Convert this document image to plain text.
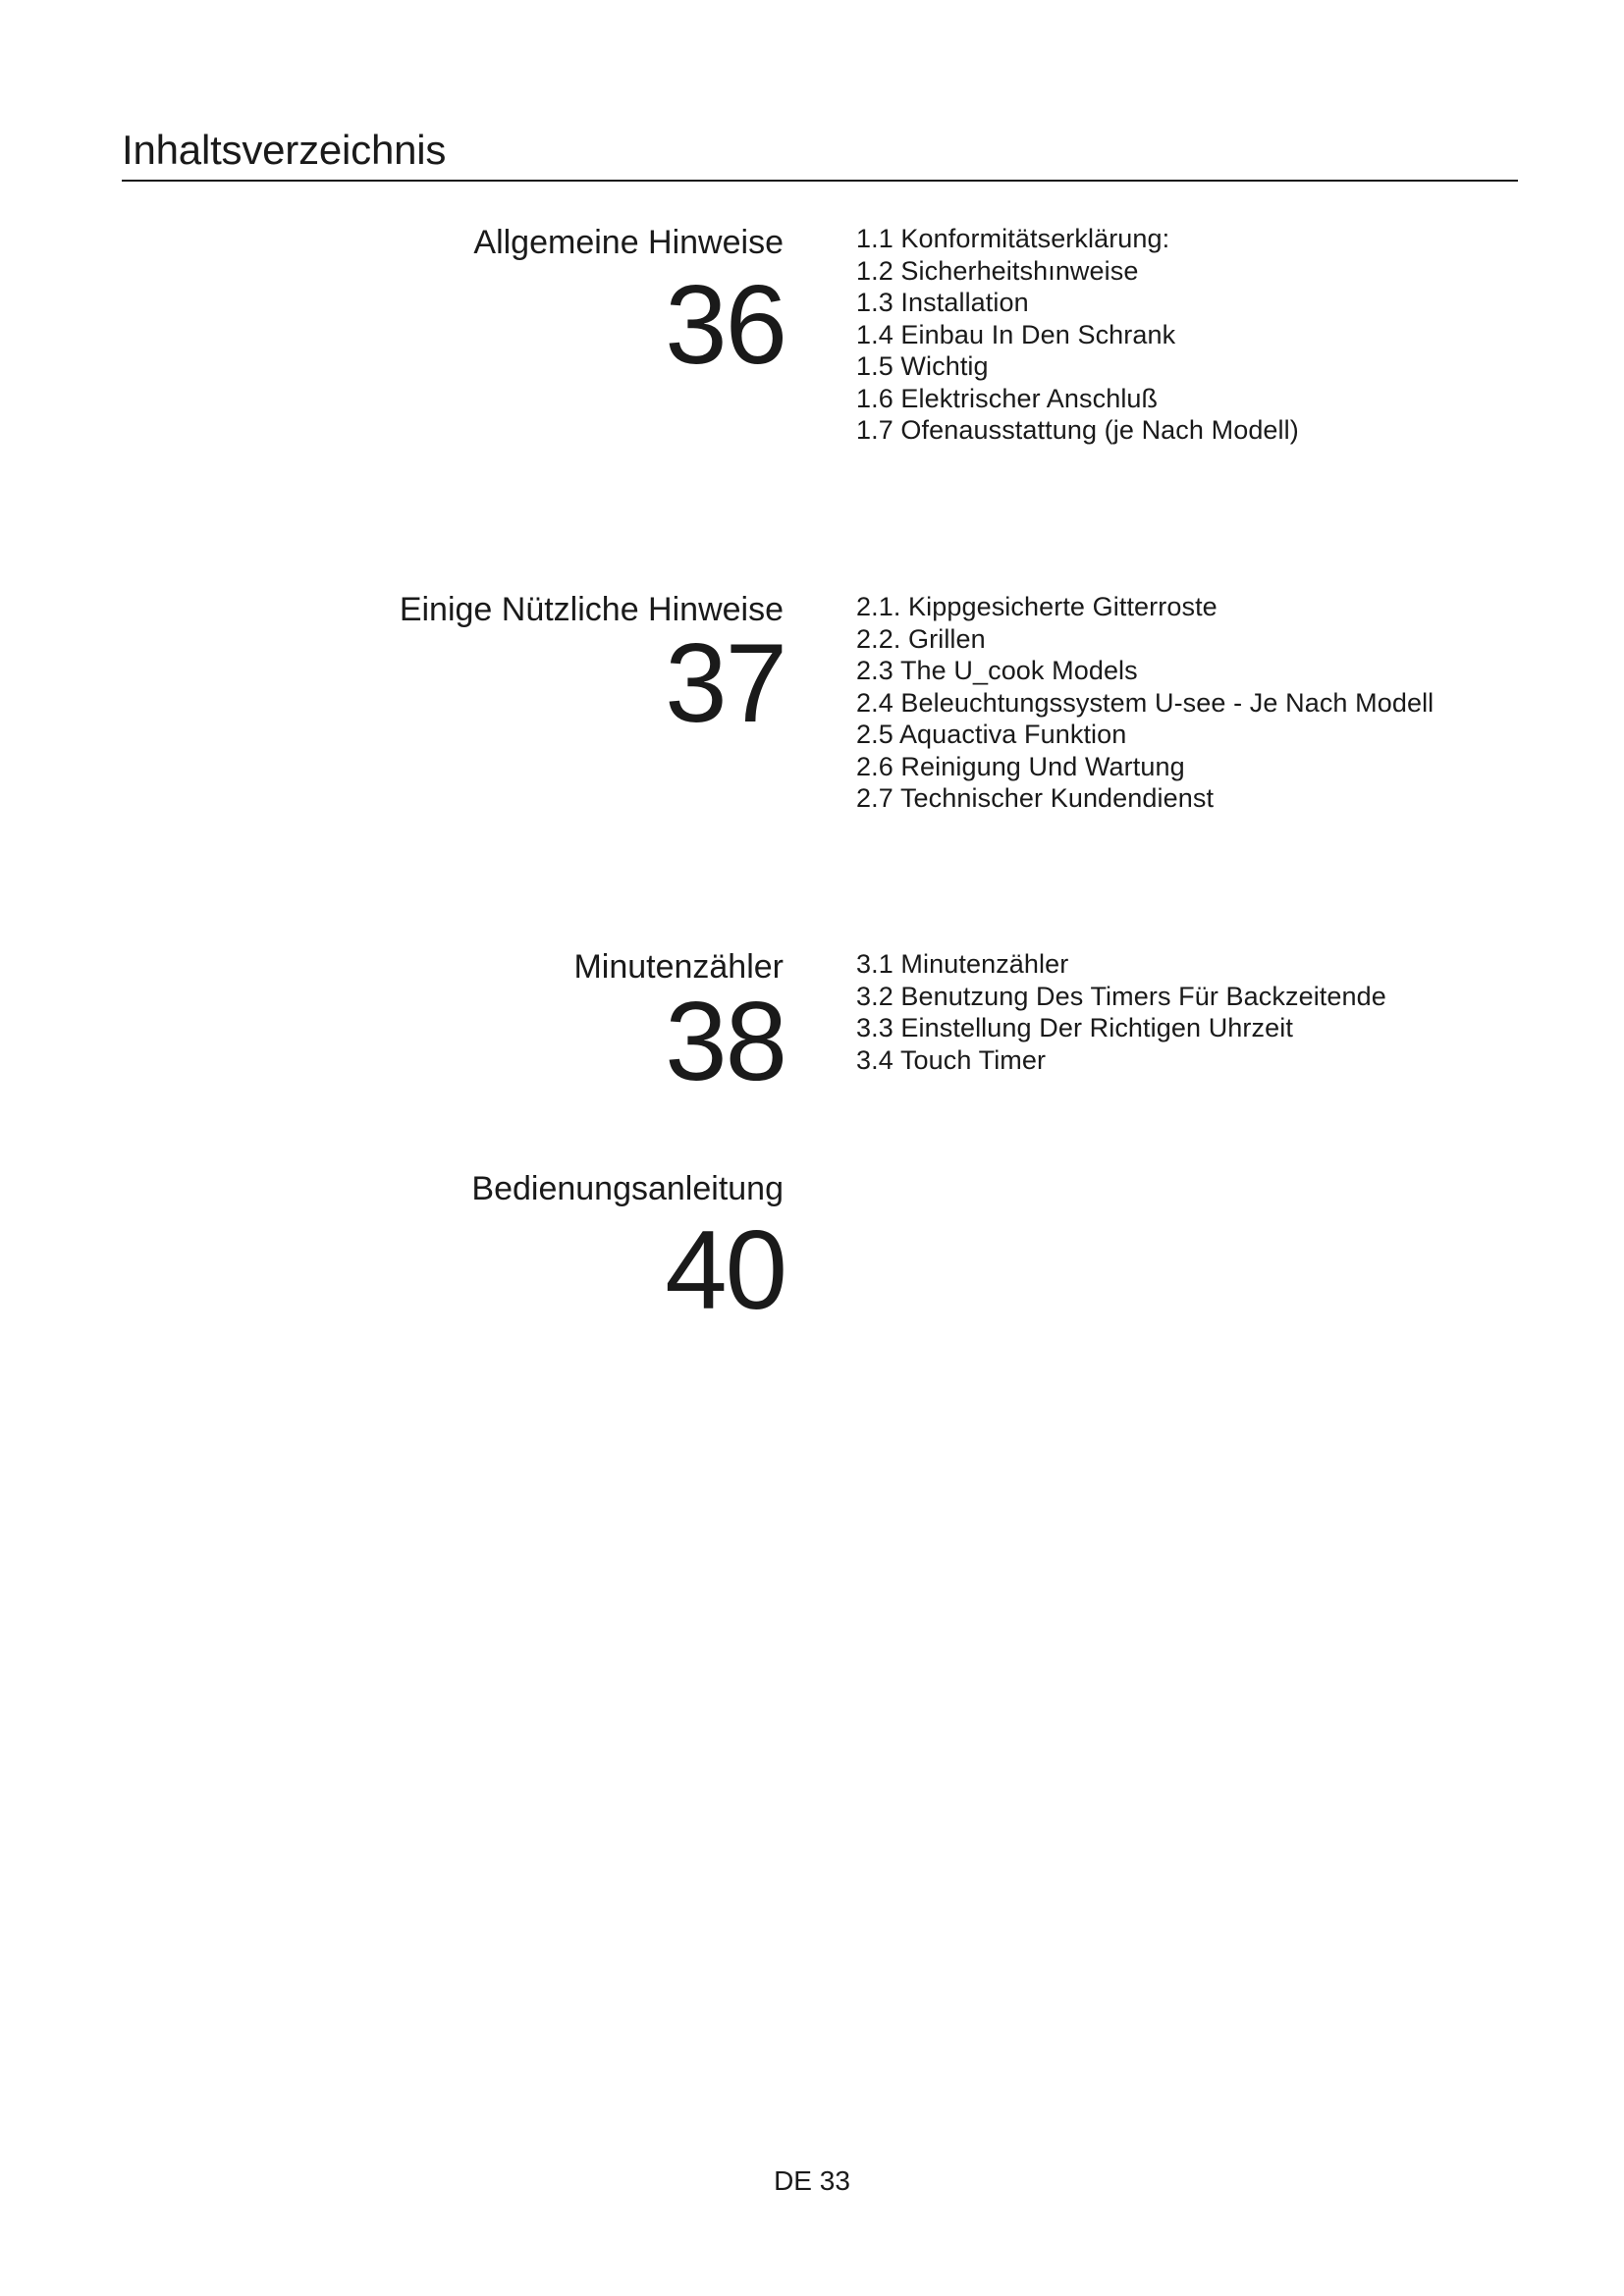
Inhaltsverzeichnis
Allgemeine Hinweise
36
1.1 Konformitätserklärung:
1.2 Sicherheitshınweise
1.3 Installation
1.4 Einbau In Den Schrank
1.5 Wichtig
1.6 Elektrischer Anschluß
1.7 Ofenausstattung (je Nach Modell)
Einige Nützliche Hinweise
37
2.1. Kippgesicherte Gitterroste
2.2. Grillen
2.3 The U_cook Models
2.4 Beleuchtungssystem U-see - Je Nach Modell
2.5 Aquactiva Funktion
2.6 Reinigung Und Wartung
2.7 Technischer Kundendienst
Minutenzähler
38
3.1 Minutenzähler
3.2 Benutzung Des Timers Für Backzeitende
3.3 Einstellung Der Richtigen Uhrzeit
3.4 Touch Timer
Bedienungsanleitung
40
DE 33
